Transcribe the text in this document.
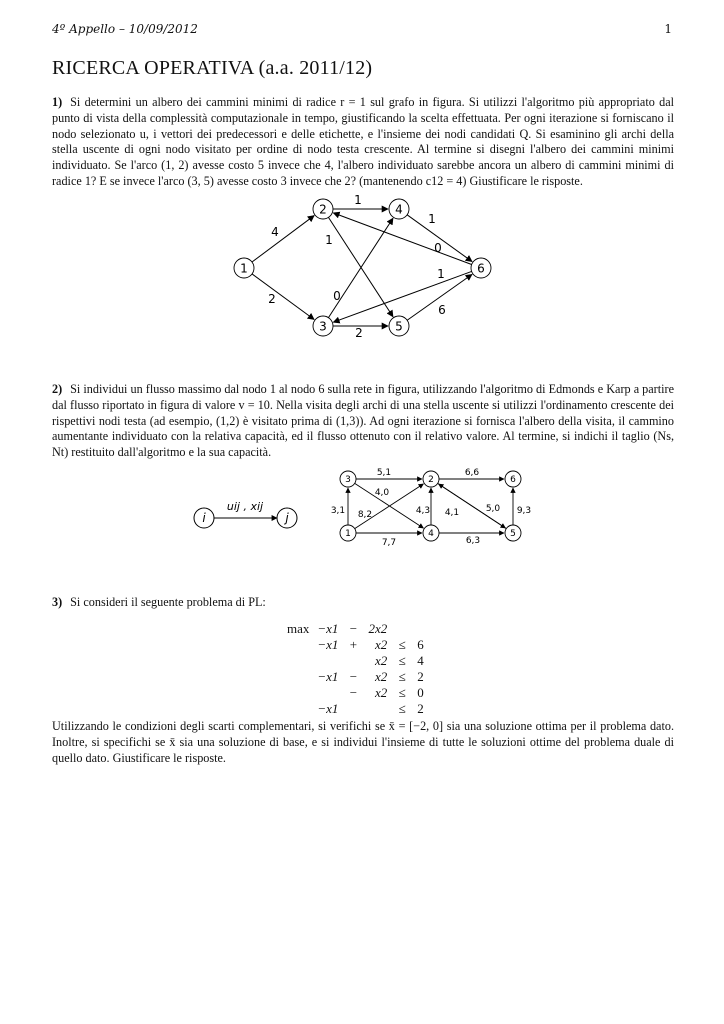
4º Appello – 10/09/2012	1
RICERCA OPERATIVA (a.a. 2011/12)
1) Si determini un albero dei cammini minimi di radice r = 1 sul grafo in figura. Si utilizzi l'algoritmo più appropriato dal punto di vista della complessità computazionale in tempo, giustificando la scelta effettuata. Per ogni iterazione si forniscano il nodo selezionato u, i vettori dei predecessori e delle etichette, e l'insieme dei nodi candidati Q. Si esaminino gli archi della stella uscente di ogni nodo visitato per ordine di nodo testa crescente. Al termine si disegni l'albero dei cammini minimi individuato. Se l'arco (1, 2) avesse costo 5 invece che 4, l'albero individuato sarebbe ancora un albero di cammini minimi di radice 1? E se invece l'arco (3, 5) avesse costo 3 invece che 2? (mantenendo c12 = 4) Giustificare le risposte.
4
2
1
1
1
0
0
1
2
6
1
2
3
4
5
6
2) Si individui un flusso massimo dal nodo 1 al nodo 6 sulla rete in figura, utilizzando l'algoritmo di Edmonds e Karp a partire dal flusso riportato in figura di valore v = 10. Nella visita degli archi di una stella uscente si utilizzi l'ordinamento crescente dei rispettivi nodi testa (ad esempio, (1,2) è visitato prima di (1,3)). Ad ogni iterazione si fornisca l'albero della visita, il cammino aumentante individuato con la relativa capacità, ed il flusso ottenuto con il relativo valore. Al termine, si indichi il taglio (Ns, Nt) restituito dall'algoritmo e la sua capacità.
i	j
uij , xij
5,1
4,0
3,1 8,2
7,7
4,3 4,1
6,6
5,0 9,3
6,3
1
2
3
4	5
6
3) Si consideri il seguente problema di PL:
max	−x1	−	2x2		
	−x1	+	x2	≤	6
			x2	≤	4
	−x1	−	x2	≤	2
		−	x2	≤	0
	−x1			≤	2
Utilizzando le condizioni degli scarti complementari, si verifichi se x̄ = [−2, 0] sia una soluzione ottima per il problema dato. Inoltre, si specifichi se x̄ sia una soluzione di base, e si individui l'insieme di tutte le soluzioni ottime del problema duale di quello dato. Giustificare le risposte.
